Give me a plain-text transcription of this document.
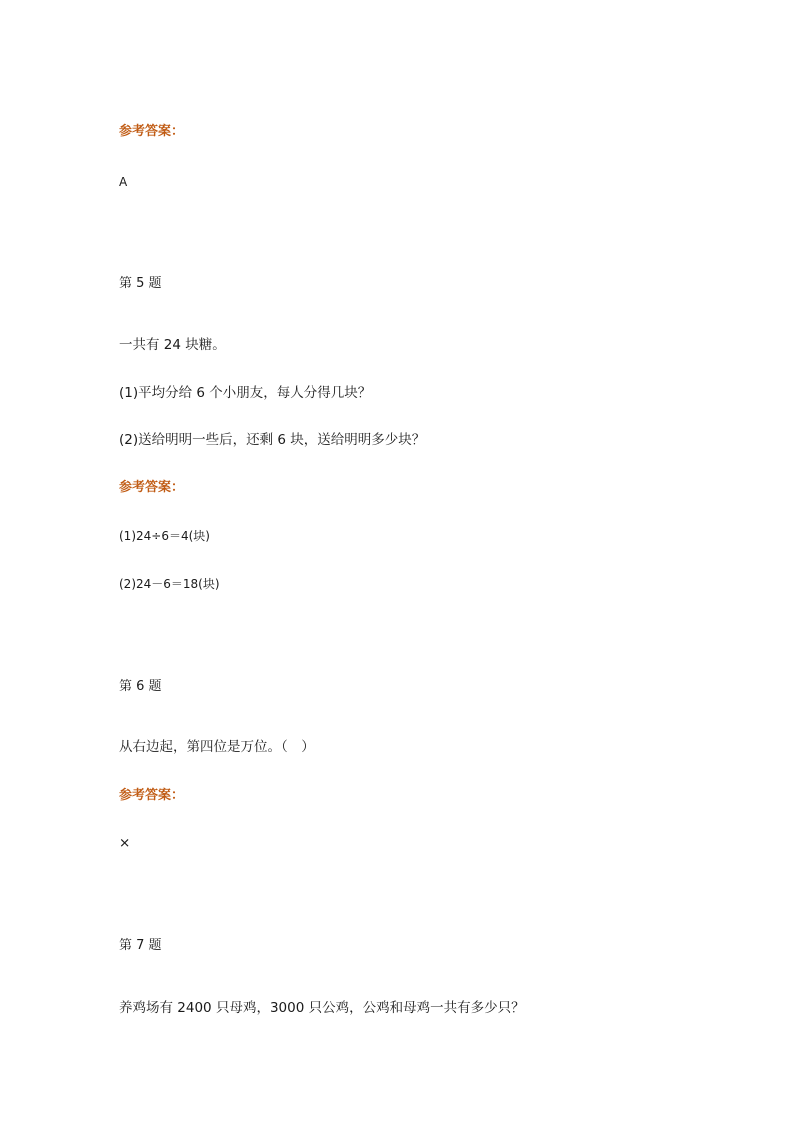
参考答案：
A
第 5 题
一共有 24 块糖。
(1)平均分给 6 个小朋友，每人分得几块？
(2)送给明明一些后，还剩 6 块，送给明明多少块？
参考答案：
(1)24÷6＝4(块)
(2)24－6＝18(块)
第 6 题
从右边起，第四位是万位。（　）
参考答案：
×
第 7 题
养鸡场有 2400 只母鸡，3000 只公鸡，公鸡和母鸡一共有多少只？
